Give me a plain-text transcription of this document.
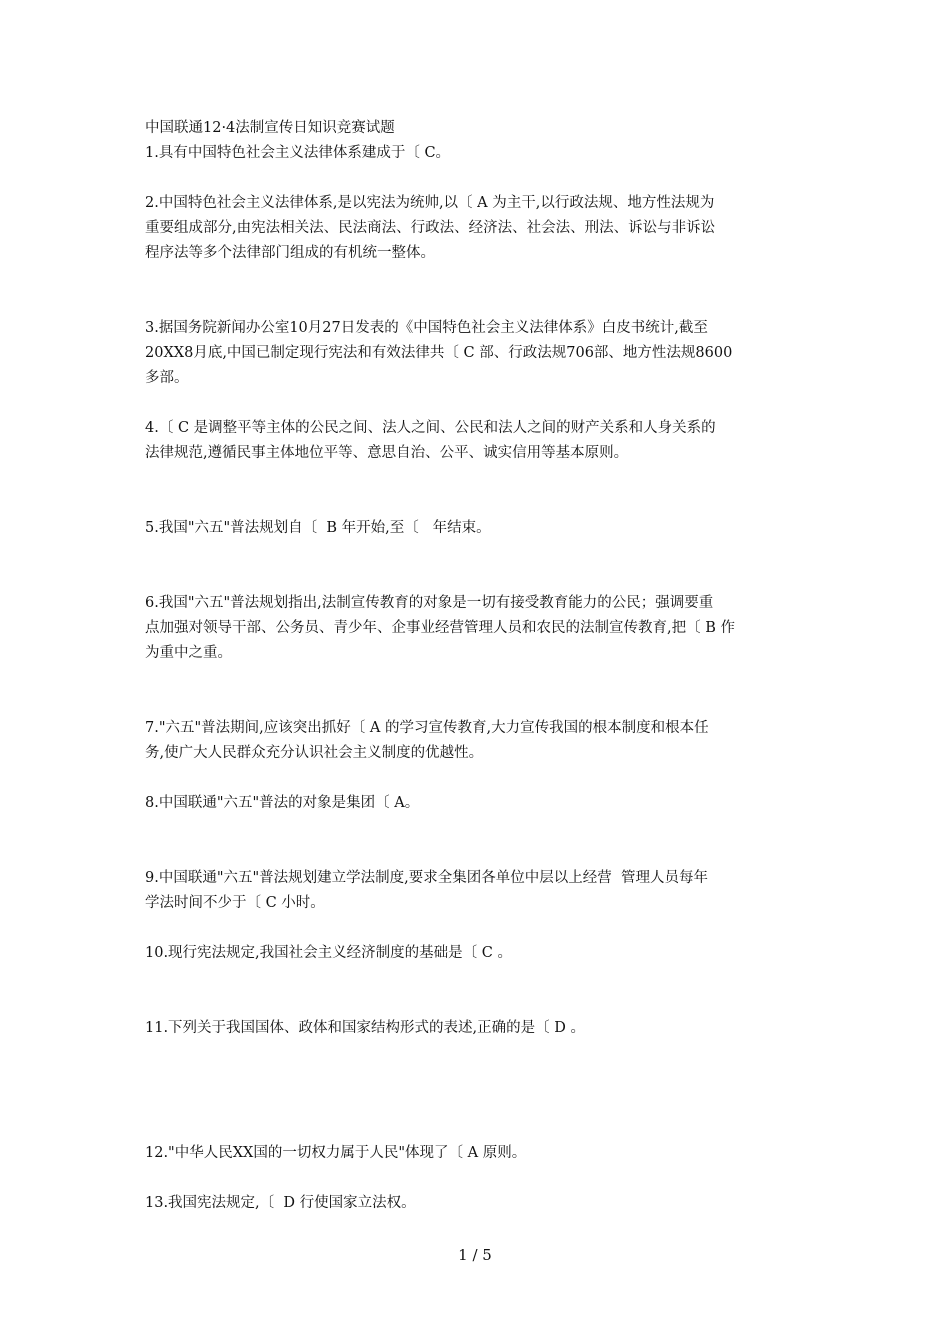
中国联通12·4法制宣传日知识竞赛试题
1.具有中国特色社会主义法律体系建成于〔 C。

2.中国特色社会主义法律体系,是以宪法为统帅,以〔 A 为主干,以行政法规、地方性法规为
重要组成部分,由宪法相关法、民法商法、行政法、经济法、社会法、刑法、诉讼与非诉讼
程序法等多个法律部门组成的有机统一整体。

3.据国务院新闻办公室10月27日发表的《中国特色社会主义法律体系》白皮书统计,截至
20XX8月底,中国已制定现行宪法和有效法律共〔 C 部、行政法规706部、地方性法规8600
多部。

4.〔 C 是调整平等主体的公民之间、法人之间、公民和法人之间的财产关系和人身关系的
法律规范,遵循民事主体地位平等、意思自治、公平、诚实信用等基本原则。

5.我国"六五"普法规划自〔  B 年开始,至〔   年结束。

6.我国"六五"普法规划指出,法制宣传教育的对象是一切有接受教育能力的公民；强调要重
点加强对领导干部、公务员、青少年、企事业经营管理人员和农民的法制宣传教育,把〔 B 作
为重中之重。

7."六五"普法期间,应该突出抓好〔 A 的学习宣传教育,大力宣传我国的根本制度和根本任
务,使广大人民群众充分认识社会主义制度的优越性。

8.中国联通"六五"普法的对象是集团〔 A。

9.中国联通"六五"普法规划建立学法制度,要求全集团各单位中层以上经营  管理人员每年
学法时间不少于〔 C 小时。

10.现行宪法规定,我国社会主义经济制度的基础是〔 C 。

11.下列关于我国国体、政体和国家结构形式的表述,正确的是〔 D 。

12."中华人民XX国的一切权力属于人民"体现了〔 A 原则。

13.我国宪法规定,〔  D 行使国家立法权。
1 / 5
